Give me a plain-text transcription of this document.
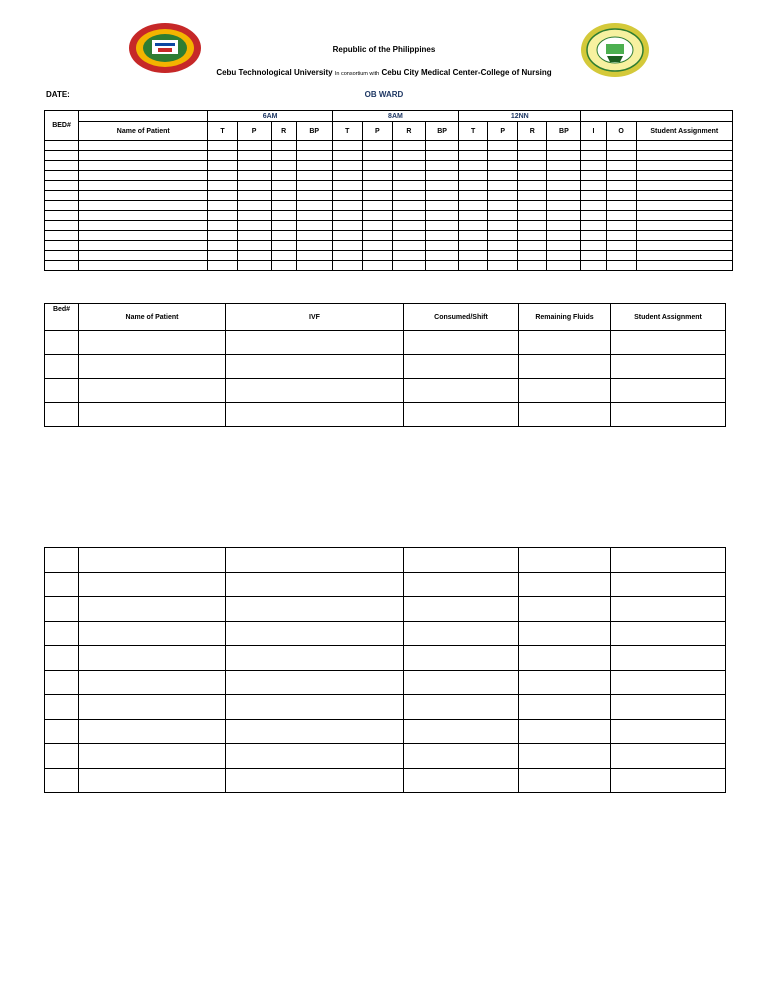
Republic of the Philippines
Cebu Technological University In consortium with Cebu City Medical Center-College of Nursing
DATE:	OB WARD
BED#		6AM				8AM				12NN						
	Name of Patient	T	P	R	BP	T	P	R	BP	T	P	R	BP	I	O	Student Assignment

Bed#	Name of Patient	IVF	Consumed/Shift	Remaining Fluids	Student Assignment
